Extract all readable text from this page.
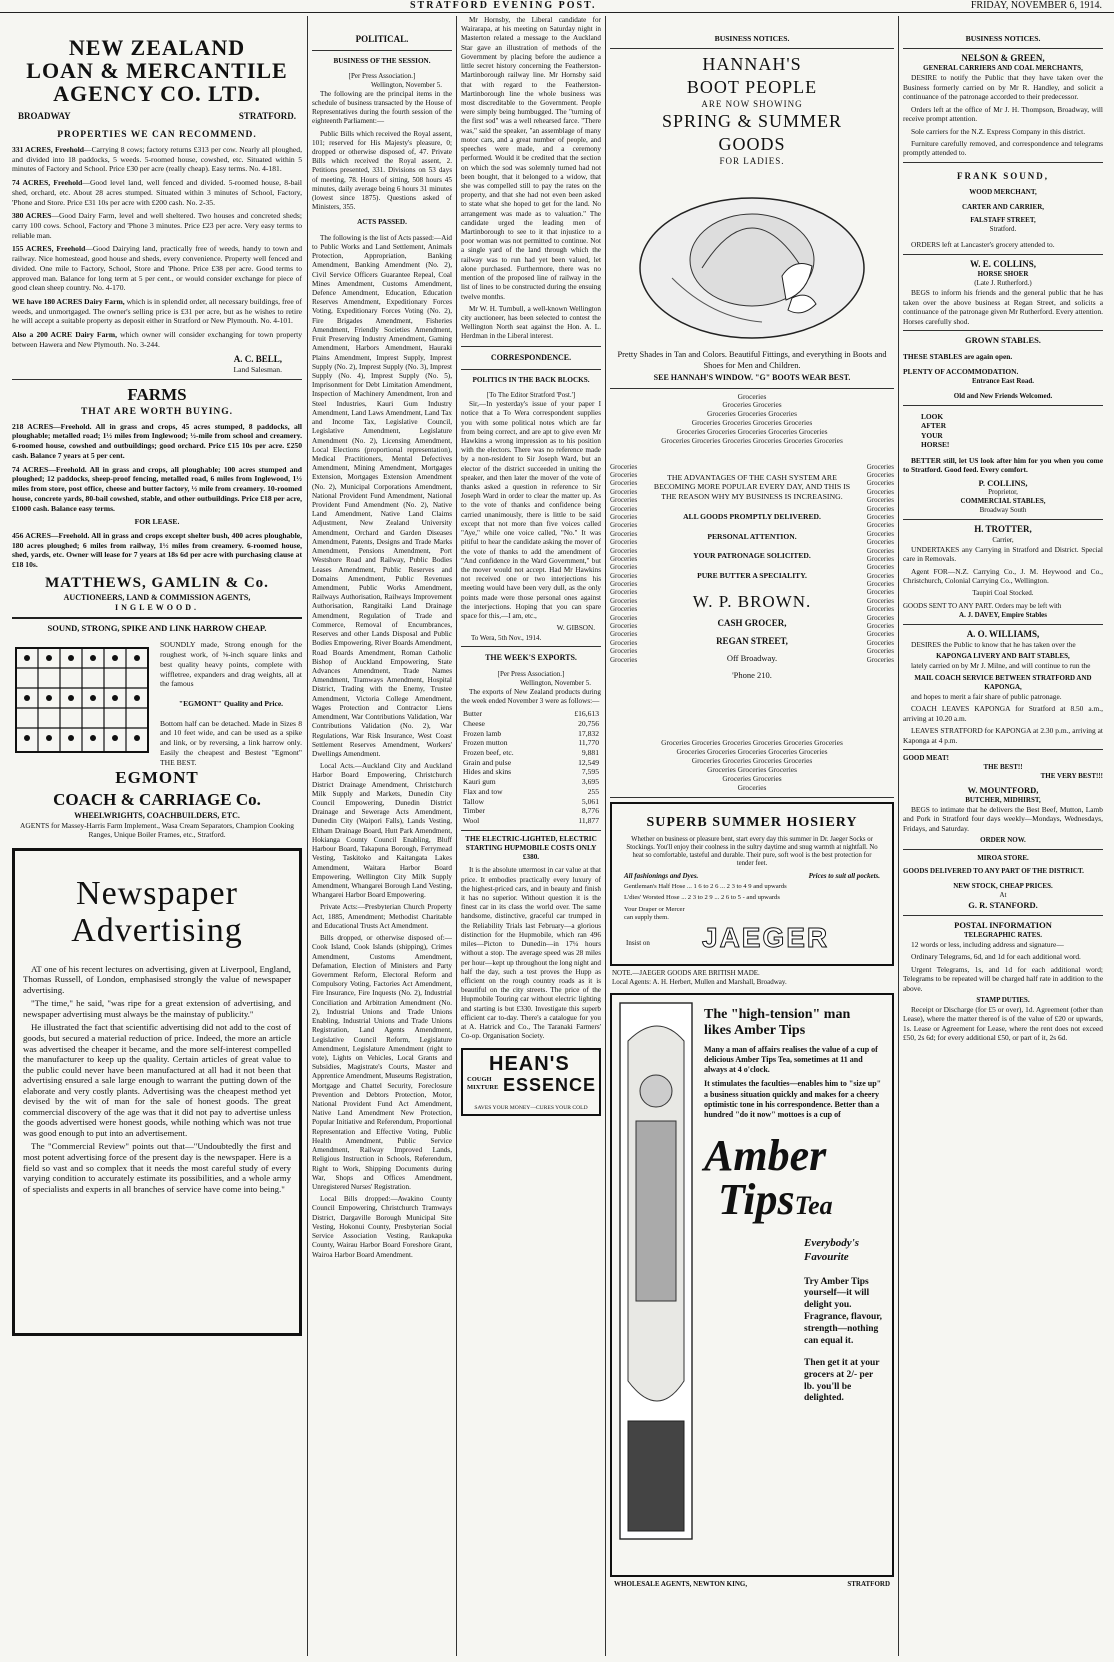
STRATFORD EVENING POST.	FRIDAY, NOVEMBER 6, 1914.
NEW ZEALAND
LOAN & MERCANTILE
AGENCY CO. LTD.
BROADWAY	STRATFORD.
PROPERTIES WE CAN RECOMMEND.
331 ACRES, Freehold—Carrying 8 cows; factory returns £313 per cow. Nearly all ploughed, and divided into 18 paddocks, 5 weeds. 5-roomed house, cowshed, etc. Situated within 5 minutes of Factory and School. Price £30 per acre (really cheap). Easy terms. No. 4-181.
74 ACRES, Freehold—Good level land, well fenced and divided. 5-roomed house, 8-bail shed, orchard, etc. About 28 acres stumped. Situated within 3 minutes of School, Factory, 'Phone and Store. Price £31 10s per acre with £200 cash. No. 2-35.
380 ACRES—Good Dairy Farm, level and well sheltered. Two houses and concreted sheds; carry 100 cows. School, Factory and 'Phone 3 minutes. Price £23 per acre. Very easy terms to reliable man.
155 ACRES, Freehold—Good Dairying land, practically free of weeds, handy to town and railway. Nice homestead, good house and sheds, every convenience. Property well fenced and divided. One mile to Factory, School, Store and 'Phone. Price £38 per acre. Good terms to approved man. Balance for long term at 5 per cent., or would consider exchange for piece of good clean sheep country. No. 4-170.
WE have 180 ACRES Dairy Farm, which is in splendid order, all necessary buildings, free of weeds, and unmortgaged. The owner's selling price is £31 per acre, but as he wishes to retire he will accept a suitable property as deposit either in Stratford or New Plymouth. No. 4-101.
Also a 200 ACRE Dairy Farm, which owner will consider exchanging for town property between Hawera and New Plymouth. No. 3-244.
A. C. BELL,
Land Salesman.
FARMS
THAT ARE WORTH BUYING.
218 ACRES—Freehold. All in grass and crops, 45 acres stumped, 8 paddocks, all ploughable; metalled road; 1½ miles from Inglewood; ½-mile from school and creamery. 6-roomed house, cowshed and outbuildings; good orchard. Price £15 10s per acre. £250 cash. Balance 7 years at 5 per cent.
74 ACRES—Freehold. All in grass and crops, all ploughable; 100 acres stumped and ploughed; 12 paddocks, sheep-proof fencing, metalled road, 6 miles from Inglewood, 1½ miles from store, post office, cheese and butter factory, ½ mile from creamery. 10-roomed house, concrete yards, 80-bail cowshed, stable, and other outbuildings. Price £18 per acre, £1000 cash. Balance easy terms.
FOR LEASE.
456 ACRES—Freehold. All in grass and crops except shelter bush, 400 acres ploughable, 180 acres ploughed; 6 miles from railway, 1½ miles from creamery. 6-roomed house, shed, yards, etc. Owner will lease for 7 years at 18s 6d per acre with purchasing clause at £18 10s.
MATTHEWS, GAMLIN & Co.
AUCTIONEERS, LAND & COMMISSION AGENTS,
INGLEWOOD.
SOUND, STRONG, SPIKE AND LINK HARROW CHEAP.
SOUNDLY made, Strong enough for the roughest work, of ⅝-inch square links and best quality heavy points, complete with wiffletree, expanders and drag weights, all at the famous
"EGMONT" Quality and Price.
Bottom half can be detached. Made in Sizes 8 and 10 feet wide, and can be used as a spike and link, or by reversing, a link harrow only. Easily the cheapest and Bestest "Egmont" THE BEST.
EGMONT
COACH & CARRIAGE Co.
WHEELWRIGHTS, COACHBUILDERS, ETC.
AGENTS for Massey-Harris Farm Implement., Wasa Cream Separators, Champion Cooking Ranges, Unique Boiler Frames, etc., Stratford.
Newspaper
Advertising

AT one of his recent lectures on advertising, given at Liverpool, England, Thomas Russell, of London, emphasised strongly the value of newspaper advertising.

"The time," he said, "was ripe for a great extension of advertising, and newspaper advertising must always be the mainstay of publicity."

He illustrated the fact that scientific advertising did not add to the cost of goods, but secured a material reduction of price. Indeed, the more an article was advertised the cheaper it became, and the more self-interest compelled the manufacturer to keep up the quality. Certain articles of great value to the public could never have been manufactured at all had it not been that advertising ensured a sale large enough to warrant the putting down of the elaborate and very costly plants. Advertising was the cheapest method yet devised by the wit of man for the sale of honest goods. The great commercial discovery of the age was that it did not pay to advertise unless the goods advertised were honest goods, while nothing which was not true was good enough to put into an advertisement.

The "Commercial Review" points out that—"Undoubtedly the first and most potent advertising force of the present day is the newspaper. Here is a field so vast and so complex that it needs the most careful study of every varying condition to accurately estimate its possibilities, and a whole army of specialists and experts in all branches of service have come into being."

POLITICAL.
BUSINESS OF THE SESSION.
[Per Press Association.]
Wellington, November 5.

The following are the principal items in the schedule of business transacted by the House of Representatives during the fourth session of the eighteenth Parliament:—

Public Bills which received the Royal assent, 101; reserved for His Majesty's pleasure, 0; dropped or otherwise disposed of, 47. Private Bills which received the Royal assent, 2. Petitions presented, 331. Divisions on 53 days of meeting, 78. Hours of sitting, 508 hours 45 minutes, daily average being 6 hours 31 minutes (lowest since 1875). Questions asked of Ministers, 355.

ACTS PASSED.

The following is the list of Acts passed:—Aid to Public Works and Land Settlement, Animals Protection, Appropriation, Banking Amendment, Banking Amendment (No. 2), Civil Service Officers Guarantee Repeal, Coal Mines Amendment, Customs Amendment, Defence Amendment, Education, Education Reserves Amendment, Expeditionary Forces Voting, Expeditionary Forces Voting (No. 2), Fire Brigades Amendment, Fisheries Amendment, Friendly Societies Amendment, Fruit Preserving Industry Amendment, Gaming Amendment, Harbors Amendment, Hauraki Plains Amendment, Imprest Supply, Imprest Supply (No. 2), Imprest Supply (No. 3), Imprest Supply (No. 4), Imprest Supply (No. 5), Imprisonment for Debt Limitation Amendment, Inspection of Machinery Amendment, Iron and Steel Industries, Kauri Gum Industry Amendment, Land Laws Amendment, Land Tax and Income Tax, Legislative Council, Legislative Amendment, Legislature Amendment (No. 2), Licensing Amendment, Local Elections (proportional representation), Medical Practitioners, Mental Defectives Amendment, Mining Amendment, Mortgages Extension, Mortgages Extension Amendment (No. 2), Municipal Corporations Amendment, National Provident Fund Amendment, National Provident Fund Amendment (No. 2), Native Land Amendment, Native Land Claims Adjustment, New Zealand University Amendment, Orchard and Garden Diseases Amendment, Patents, Designs and Trade Marks Amendment, Pensions Amendment, Port Westshore Road and Railway, Public Bodies Leases Amendment, Public Reserves and Domains Amendment, Public Revenues Amendment, Public Works Amendment, Railways Authorisation, Railways Improvement Authorisation, Rangitaiki Land Drainage Amendment, Regulation of Trade and Commerce, Removal of Encumbrances, Reserves and other Lands Disposal and Public Bodies Empowering, River Boards Amendment, Road Boards Amendment, Roman Catholic Bishop of Auckland Empowering, State Advances Amendment, Trade Names Amendment, Tramways Amendment, Hospital District, Trading with the Enemy, Trustee Amendment, Victoria College Amendment, Wages Protection and Contractor Liens Amendment, War Contributions Validation, War Contributions Validation (No. 2), War Regulations, War Risk Insurance, West Coast Settlement Reserves Amendment, Workers' Dwellings Amendment.

Local Acts.—Auckland City and Auckland Harbor Board Empowering, Christchurch District Drainage Amendment, Christchurch Milk Supply and Markets, Dunedin City Council Empowering, Dunedin District Drainage and Sewerage Acts Amendment, Dunedin City (Waipori Falls), Lands Vesting, Eltham Drainage Board, Hutt Park Amendment, Hokianga County Council Enabling, Bluff Harbour Board, Takapuna Borough, Ferrymead Vesting, Taskitoko and Kaitangata Lakes Amendment, Waitara Harbor Board Empowering, Wellington City Milk Supply Amendment, Whangarei Borough Land Vesting, Whangarei Harbor Board Empowering.

Private Acts:—Presbyterian Church Property Act, 1885, Amendment; Methodist Charitable and Educational Trusts Act Amendment.

Bills dropped, or otherwise disposed of:—Cook Island, Cook Islands (shipping), Crimes Amendment, Customs Amendment, Defamation, Election of Ministers and Party Government Reform, Electoral Reform and Compulsory Voting, Factories Act Amendment, Fire Insurance, Fire Inquests (No. 2), Industrial Conciliation and Arbitration Amendment (No. 2), Industrial Unions and Trade Unions Enabling, Industrial Unions and Trade Unions Registration, Land Agents Amendment, Legislative Council Reform, Legislature Amendment, Legislature Amendment (right to vote), Lights on Vehicles, Local Grants and Subsidies, Magistrate's Courts, Master and Apprentice Amendment, Museums Registration, Mortgage and Chattel Security, Foreclosure Prevention and Debtors Protection, Motor, National Provident Fund Act Amendment, Native Land Amendment New Protection, Popular Initiative and Referendum, Proportional Representation and Effective Voting, Public Health Amendment, Public Service Amendment, Railway Improved Lands, Religious Instruction in Schools, Referendum, Right to Work, Shipping Documents during War, Shops and Offices Amendment, Unregistered Nurses' Registration.

Local Bills dropped:—Awakino County Council Empowering, Christchurch Tramways District, Dargaville Borough Municipal Site Vesting, Hokonui County, Presbyterian Social Service Association Vesting, Raukapuka County, Wairau Harbor Board Foreshore Grant, Wairoa Harbor Board Amendment.

Mr Hornsby, the Liberal candidate for Wairarapa, at his meeting on Saturday night in Masterton related a message to the Auckland Star gave an illustration of methods of the Government by placing before the audience a little secret history concerning the Featherston-Martinborough railway line. Mr Hornsby said that with regard to the Featherston-Martinborough line the whole business was most discreditable to the Government. People were simply being humbugged. The "turning of the first sod" was a well rehearsed farce. "There was," said the speaker, "an assemblage of many motor cars, and a great number of people, and speeches were made, and a ceremony performed. Would it be credited that the section on which the sod was solemnly turned had not been bought, that it belonged to a widow, that she was compelled still to pay the rates on the property, and that she had not even been asked to state what she hoped to get for the land. No arrangement was made as to valuation." The candidate urged the leading men of Martinborough to see to it that injustice to a poor woman was not permitted to continue. Not a single yard of the land through which the railway was to run had yet been valued, let alone purchased. Furthermore, there was no mention of the proposed line of railway in the list of lines to be constructed during the ensuing twelve months.

Mr W. H. Turnbull, a well-known Wellington city auctioneer, has been selected to contest the Wellington North seat against the Hon. A. L. Herdman in the Liberal interest.

CORRESPONDENCE.
POLITICS IN THE BACK BLOCKS.
[To The Editor Stratford 'Post.']

Sir,—In yesterday's issue of your paper I notice that a To Wera correspondent supplies you with some political notes which are far from being correct, and are apt to give even Mr Hawkins a wrong impression as to his position with the electors. There was no reference made by a non-resident to Sir Joseph Ward, but an elector of the district succeeded in uniting the speaker, and then later the mover of the vote of thanks asked a question in reference to Sir Joseph Ward in order to clear the matter up. As to the vote of thanks and confidence being carried unanimously, there is little to be said except that not more than five voices called "Aye," while one voice called, "No." It was pitiful to hear the candidate asking the mover of the vote of thanks to add the amendment of "And confidence in the Ward Government," but the mover would not accept. Had Mr Hawkins not received one or two interjections his meeting would have been very dull, as the only points made were those personal ones against the interjections. Hoping that you can spare space for this,—I am, etc.,

W. GIBSON.
To Wera, 5th Nov., 1914.
THE WEEK'S EXPORTS.
[Per Press Association.]
Wellington, November 5.

The exports of New Zealand products during the week ended November 3 were as follows:—

Butter	£16,613
Cheese	20,756
Frozen lamb	17,832
Frozen mutton	11,770
Frozen beef, etc.	9,881
Grain and pulse	12,549
Hides and skins	7,595
Kauri gum	3,695
Flax and tow	255
Tallow	5,061
Timber	8,776
Wool	11,877
THE ELECTRIC-LIGHTED, ELECTRIC STARTING HUPMOBILE COSTS ONLY £380.

It is the absolute uttermost in car value at that price. It embodies practically every luxury of the highest-priced cars, and in beauty and finish it has no superior. Without question it is the finest car in its class the world over. The same handsome, distinctive, graceful car trumped in the Reliability Trials last February—a glorious distinction for the Hupmobile, which ran 496 miles—Picton to Dunedin—in 17¼ hours without a stop. The average speed was 28 miles per hour—kept up throughout the long night and half the day, such a test proves the Hupp as efficient on the rough country roads as it is beautiful on the city streets. The price of the Hupmobile Touring car without electric lighting and starting is but £330. Investigate this superb efficient car to-day. There's a catalogue for you at A. Hatrick and Co., The Taranaki Farmers' Co-op. Organisation Society.

HEAN'S
COUGH
MIXTURE ESSENCE
SAVES YOUR MONEY—CURES YOUR COLD
BUSINESS NOTICES.
HANNAH'S
BOOT PEOPLE
ARE NOW SHOWING
SPRING & SUMMER
GOODS
FOR LADIES.
Pretty Shades in Tan and Colors. Beautiful Fittings, and everything in Boots and Shoes for Men and Children.
SEE HANNAH'S WINDOW. "G" BOOTS WEAR BEST.
Groceries
Groceries Groceries
Groceries Groceries Groceries
Groceries Groceries Groceries Groceries
Groceries Groceries Groceries Groceries Groceries
Groceries Groceries Groceries Groceries Groceries Groceries
Groceries
Groceries
Groceries
Groceries
Groceries
Groceries
Groceries
Groceries
Groceries
Groceries
Groceries
Groceries
Groceries
Groceries
Groceries
Groceries
Groceries
Groceries
Groceries
Groceries
Groceries
Groceries
Groceries
Groceries
Groceries
Groceries
Groceries
Groceries
Groceries
Groceries
Groceries
Groceries
Groceries
Groceries
Groceries
Groceries
Groceries
Groceries
Groceries
Groceries
Groceries
Groceries
Groceries
Groceries
Groceries
Groceries
Groceries
Groceries
THE ADVANTAGES OF THE CASH SYSTEM ARE BECOMING MORE POPULAR EVERY DAY, AND THIS IS THE REASON WHY MY BUSINESS IS INCREASING.
ALL GOODS PROMPTLY DELIVERED.
PERSONAL ATTENTION.
YOUR PATRONAGE SOLICITED.
PURE BUTTER A SPECIALITY.
W. P. BROWN.
CASH GROCER,
REGAN STREET,
Off Broadway.
'Phone 210.
Groceries Groceries Groceries Groceries Groceries Groceries
Groceries Groceries Groceries Groceries Groceries
Groceries Groceries Groceries Groceries
Groceries Groceries Groceries
Groceries Groceries
Groceries
SUPERB SUMMER HOSIERY
Whether on business or pleasure bent, start every day this summer in Dr. Jaeger Socks or Stockings. You'll enjoy their coolness in the sultry daytime and snug warmth at nightfall. No heat so comfortable, tasteful and durable. Their pure, soft wool is the best protection for tender feet.
All fashionings and Dyes.	Prices to suit all pockets.
Gentleman's Half Hose ... 1 6 to 2 6 ... 2 3 to 4 9 and upwards
L'dies' Worsted Hose ... 2 3 to 2 9 ... 2 6 to 5 - and upwards
Your Draper or Mercer can supply them.
Insist on JAEGER
NOTE.—JAEGER GOODS ARE BRITISH MADE.
Local Agents: A. H. Herbert, Mullen and Marshall, Broadway.
The "high-tension" man
likes Amber Tips
Many a man of affairs realises the value of a cup of delicious Amber Tips Tea, sometimes at 11 and always at 4 o'clock.
It stimulates the faculties—enables him to "size up" a business situation quickly and makes for a cheery optimistic tone in his correspondence. Better than a hundred "do it now" mottoes is a cup of
Amber
TipsTea
Everybody's
Favourite
Try Amber Tips yourself—it will delight you. Fragrance, flavour, strength—nothing can equal it.
Then get it at your grocers at 2/- per lb. you'll be delighted.
WHOLESALE AGENTS, NEWTON KING,	STRATFORD
BUSINESS NOTICES.
NELSON & GREEN,
GENERAL CARRIERS AND COAL MERCHANTS,

DESIRE to notify the Public that they have taken over the Business formerly carried on by Mr R. Handley, and solicit a continuance of the patronage accorded to their predecessor.

Orders left at the office of Mr J. H. Thompson, Broadway, will receive prompt attention.

Sole carriers for the N.Z. Express Company in this district.

Furniture carefully removed, and correspondence and telegrams promptly attended to.

FRANK SOUND,
WOOD MERCHANT,
CARTER AND CARRIER,
FALSTAFF STREET,
Stratford.

ORDERS left at Lancaster's grocery attended to.

W. E. COLLINS,
HORSE SHOER
(Late J. Rutherford.)

BEGS to inform his friends and the general public that he has taken over the above business at Regan Street, and solicits a continuance of the patronage given Mr Rutherford. Every attention. Horses carefully shod.

GROWN STABLES.
THESE STABLES are again open.
PLENTY OF ACCOMMODATION.
Entrance East Road.
Old and New Friends Welcomed.
LOOK
AFTER
YOUR
HORSE!

BETTER still, let US look after him for you when you come to Stratford. Good feed. Every comfort.

P. COLLINS,
Proprietor,
COMMERCIAL STABLES,
Broadway South
H. TROTTER,
Carrier,

UNDERTAKES any Carrying in Stratford and District. Special care in Removals.

Agent FOR—N.Z. Carrying Co., J. M. Heywood and Co., Christchurch, Colonial Carrying Co., Wellington.

Taupiri Coal Stocked.
GOODS SENT TO ANY PART. Orders may be left with
A. J. DAVEY, Empire Stables
A. O. WILLIAMS,

DESIRES the Public to know that he has taken over the

KAPONGA LIVERY AND BAIT STABLES,

lately carried on by Mr J. Milne, and will continue to run the

MAIL COACH SERVICE BETWEEN STRATFORD AND KAPONGA,

and hopes to merit a fair share of public patronage.

COACH LEAVES KAPONGA for Stratford at 8.50 a.m., arriving at 10.20 a.m.

LEAVES STRATFORD for KAPONGA at 2.30 p.m., arriving at Kaponga at 4 p.m.

GOOD MEAT!
THE BEST!!
THE VERY BEST!!!
W. MOUNTFORD,
BUTCHER, MIDHIRST,

BEGS to intimate that he delivers the Best Beef, Mutton, Lamb and Pork in Stratford four days weekly—Mondays, Wednesdays, Fridays, and Saturday.

ORDER NOW.
MIROA STORE.
GOODS DELIVERED TO ANY PART OF THE DISTRICT.
NEW STOCK, CHEAP PRICES.
At
G. R. STANFORD.
POSTAL INFORMATION
TELEGRAPHIC RATES.

12 words or less, including address and signature—

Ordinary Telegrams, 6d, and 1d for each additional word.

Urgent Telegrams, 1s, and 1d for each additional word; Telegrams to be repeated will be charged half rate in addition to the above.

STAMP DUTIES.

Receipt or Discharge (for £5 or over), 1d. Agreement (other than Lease), where the matter thereof is of the value of £20 or upwards, 1s. Lease or Agreement for Lease, where the rent does not exceed £50, 2s 6d; for every additional £50, or part of it, 2s 6d.
